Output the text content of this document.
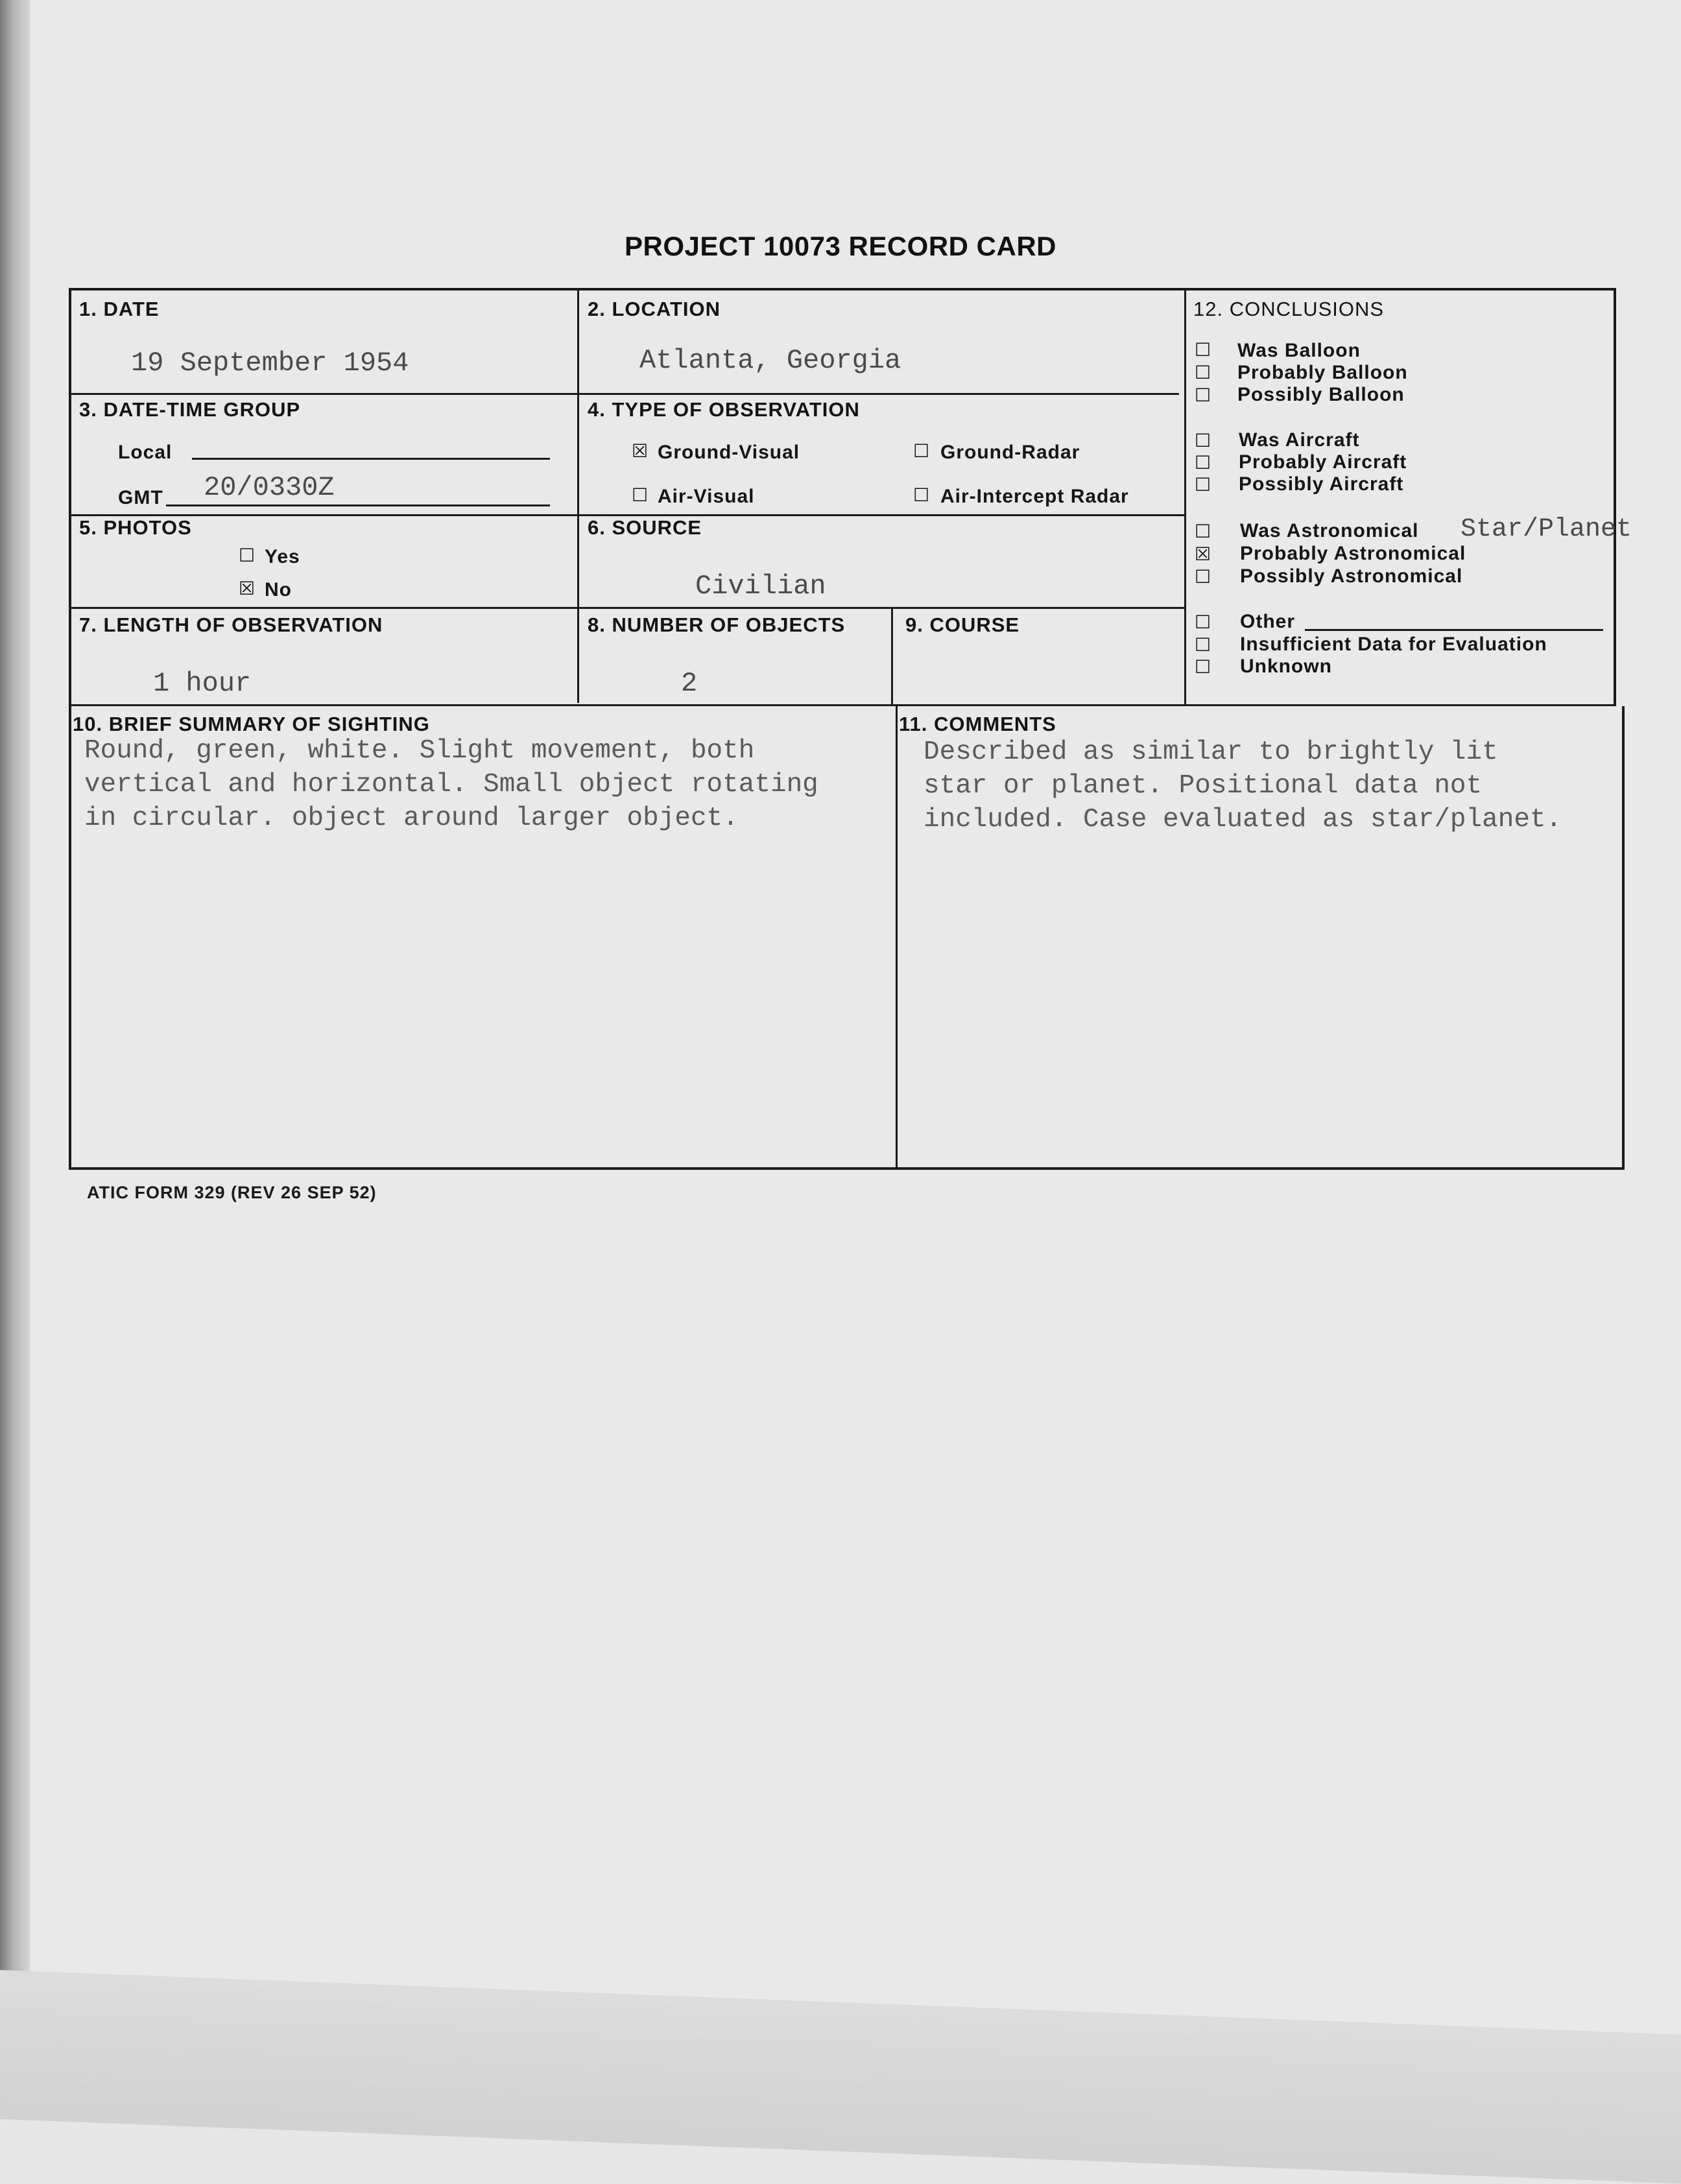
PROJECT 10073 RECORD CARD
1. DATE
19 September 1954
2. LOCATION
Atlanta, Georgia
3. DATE-TIME GROUP
Local
GMT 20/0330Z
4. TYPE OF OBSERVATION
☒ Ground-Visual	☐ Ground-Radar
☐ Air-Visual	☐ Air-Intercept Radar
5. PHOTOS
☐ Yes
☒ No
6. SOURCE
Civilian
7. LENGTH OF OBSERVATION
1 hour
8. NUMBER OF OBJECTS
2
9. COURSE
10. BRIEF SUMMARY OF SIGHTING
Round, green, white. Slight movement, both
vertical and horizontal. Small object rotating
in circular. object around larger object.
11. COMMENTS
Described as similar to brightly lit
star or planet. Positional data not
included. Case evaluated as star/planet.
12. CONCLUSIONS
☐ Was Balloon
☐ Probably Balloon
☐ Possibly Balloon
☐ Was Aircraft
☐ Probably Aircraft
☐ Possibly Aircraft
☐ Was Astronomical Star/Planet
☒ Probably Astronomical
☐ Possibly Astronomical
☐ Other
☐ Insufficient Data for Evaluation
☐ Unknown
ATIC FORM 329 (REV 26 SEP 52)
